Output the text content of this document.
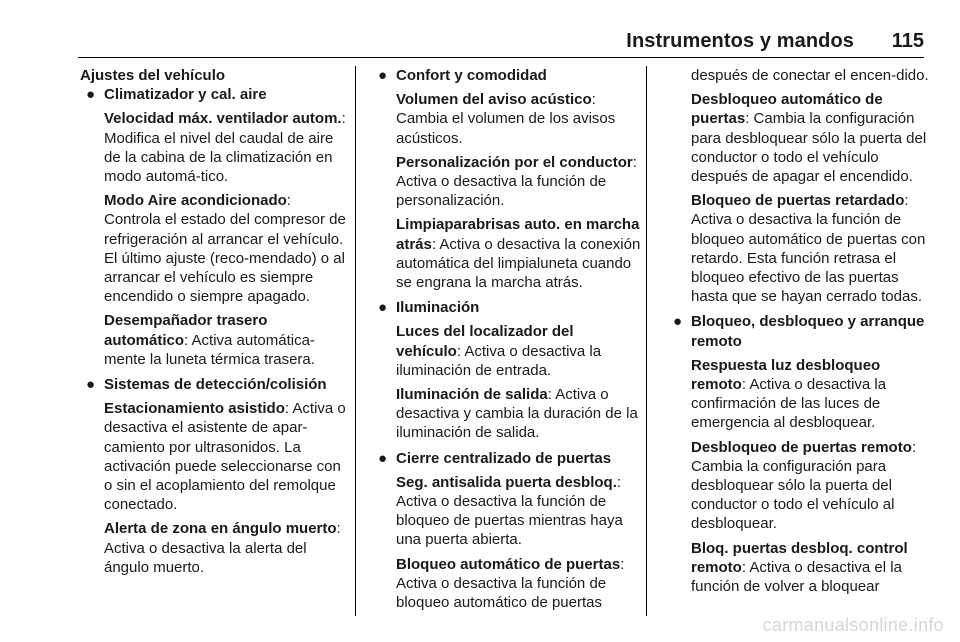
Instrumentos y mandos 115

Ajustes del vehículo

● Climatizador y cal. aire
Velocidad máx. ventilador autom.: Modifica el nivel del caudal de aire de la cabina de la climatización en modo automá-tico.
Modo Aire acondicionado: Controla el estado del compresor de refrigeración al arrancar el vehículo. El último ajuste (reco-mendado) o al arrancar el vehículo es siempre encendido o siempre apagado.
Desempañador trasero automático: Activa automática-mente la luneta térmica trasera.
● Sistemas de detección/colisión
Estacionamiento asistido: Activa o desactiva el asistente de apar-camiento por ultrasonidos. La activación puede seleccionarse con o sin el acoplamiento del remolque conectado.
Alerta de zona en ángulo muerto: Activa o desactiva la alerta del ángulo muerto.
● Confort y comodidad
Volumen del aviso acústico: Cambia el volumen de los avisos acústicos.
Personalización por el conductor: Activa o desactiva la función de personalización.
Limpiaparabrisas auto. en marcha atrás: Activa o desactiva la conexión automática del limpialuneta cuando se engrana la marcha atrás.
● Iluminación
Luces del localizador del vehículo: Activa o desactiva la iluminación de entrada.
Iluminación de salida: Activa o desactiva y cambia la duración de la iluminación de salida.
● Cierre centralizado de puertas
Seg. antisalida puerta desbloq.: Activa o desactiva la función de bloqueo de puertas mientras haya una puerta abierta.
Bloqueo automático de puertas: Activa o desactiva la función de bloqueo automático de puertas
después de conectar el encen-dido.
Desbloqueo automático de puertas: Cambia la configuración para desbloquear sólo la puerta del conductor o todo el vehículo después de apagar el encendido.
Bloqueo de puertas retardado: Activa o desactiva la función de bloqueo automático de puertas con retardo. Esta función retrasa el bloqueo efectivo de las puertas hasta que se hayan cerrado todas.
● Bloqueo, desbloqueo y arranque remoto
Respuesta luz desbloqueo remoto: Activa o desactiva la confirmación de las luces de emergencia al desbloquear.
Desbloqueo de puertas remoto: Cambia la configuración para desbloquear sólo la puerta del conductor o todo el vehículo al desbloquear.
Bloq. puertas desbloq. control remoto: Activa o desactiva el la función de volver a bloquear
carmanualsonline.info
